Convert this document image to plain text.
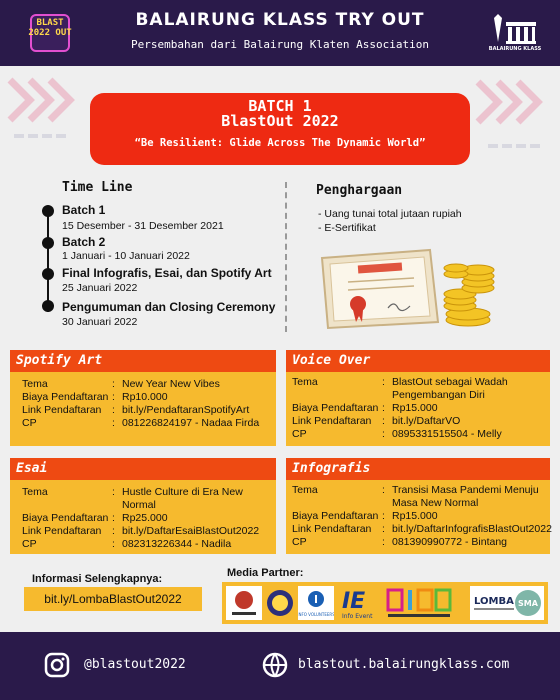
BLAST 2022 OUT
BALAIRUNG KLASS TRY OUT
Persembahan dari Balairung Klaten Association	BALAIRUNG KLASS
BATCH 1
BlastOut 2022
“Be Resilient: Glide Across The Dynamic World”
Time Line
Batch 1
15 Desember - 31 Desember 2021
Batch 2
1 Januari - 10 Januari 2022
Final Infografis, Esai, dan Spotify Art
25 Januari 2022
Pengumuman dan Closing Ceremony
30 Januari 2022
Penghargaan
- Uang tunai total jutaan rupiah
- E-Sertifikat
Spotify Art
Tema	: New Year New Vibes
Biaya Pendaftaran : Rp10.000
Link Pendaftaran	: bit.ly/PendaftaranSpotifyArt
CP	: 081226824197 - Nadaa Firda
Voice Over
Tema	: BlastOut sebagai Wadah Pengembangan Diri
Biaya Pendaftaran : Rp15.000
Link Pendaftaran	: bit.ly/DaftarVO
CP	: 0895331515504 - Melly
Esai
Tema	: Hustle Culture di Era New Normal
Biaya Pendaftaran : Rp25.000
Link Pendaftaran	: bit.ly/DaftarEsaiBlastOut2022
CP	: 082313226344 - Nadila
Infografis
Tema	: Transisi Masa Pandemi Menuju Masa New Normal
Biaya Pendaftaran : Rp15.000
Link Pendaftaran	: bit.ly/DaftarInfografisBlastOut2022
CP	: 081390990772 - Bintang
Informasi Selengkapnya:
bit.ly/LombaBlastOut2022
Media Partner:
INFO VOLUNTEERS
IE
Info Event
LOMBA SMA
@blastout2022	blastout.balairungklass.com
